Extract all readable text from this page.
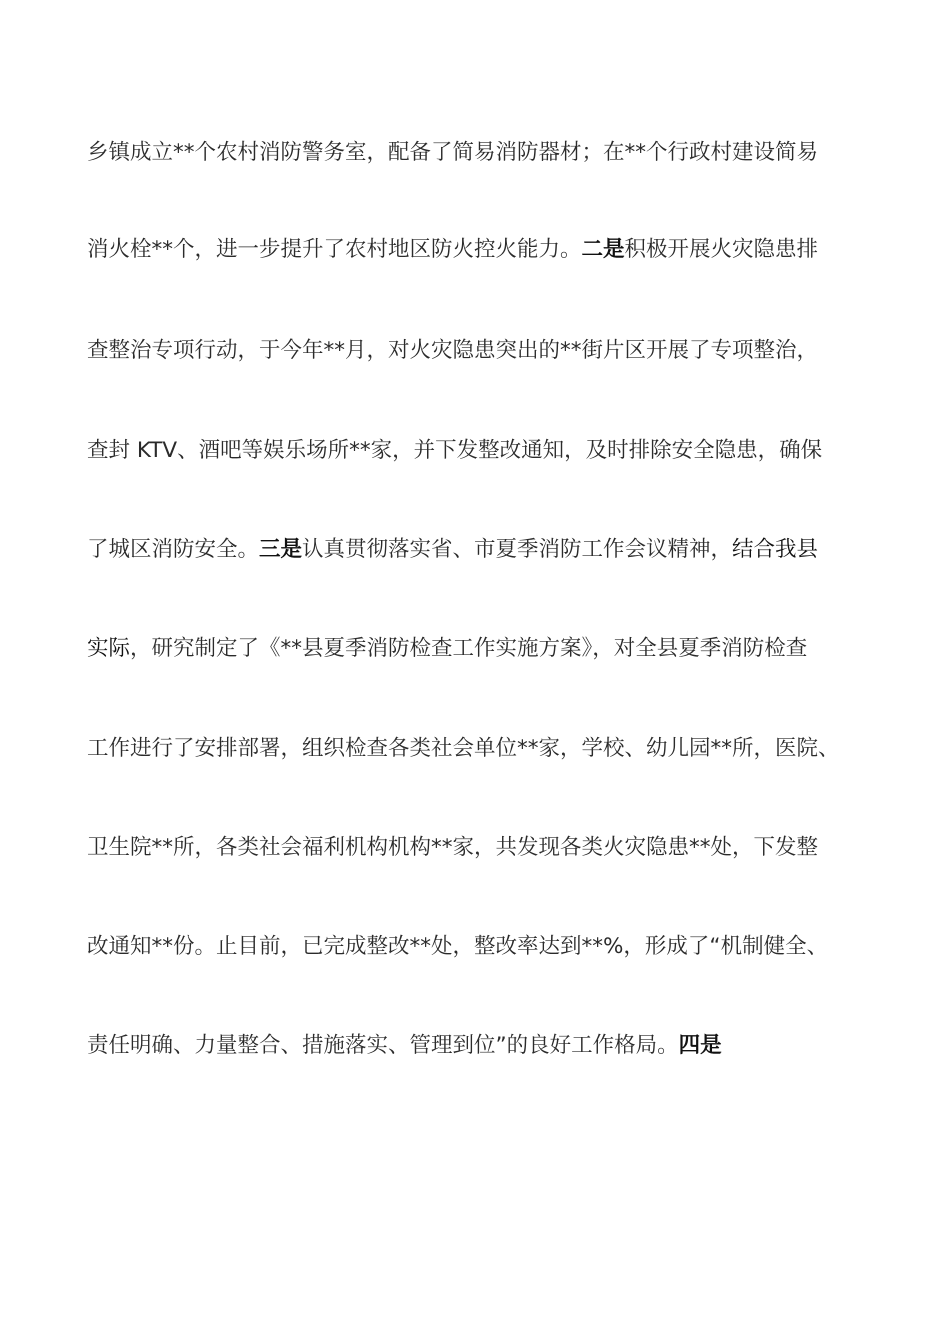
乡镇成立**个农村消防警务室，配备了简易消防器材；在**个行政村建设简易
消火栓**个，进一步提升了农村地区防火控火能力。二是积极开展火灾隐患排
查整治专项行动，于今年**月，对火灾隐患突出的**街片区开展了专项整治，
查封 KTV、酒吧等娱乐场所**家，并下发整改通知，及时排除安全隐患，确保
了城区消防安全。三是认真贯彻落实省、市夏季消防工作会议精神，结合我县
实际，研究制定了《**县夏季消防检查工作实施方案》，对全县夏季消防检查
工作进行了安排部署，组织检查各类社会单位**家，学校、幼儿园**所，医院、
卫生院**所，各类社会福利机构机构**家，共发现各类火灾隐患**处，下发整
改通知**份。止目前，已完成整改**处，整改率达到**%，形成了“机制健全、
责任明确、力量整合、措施落实、管理到位”的良好工作格局。四是
